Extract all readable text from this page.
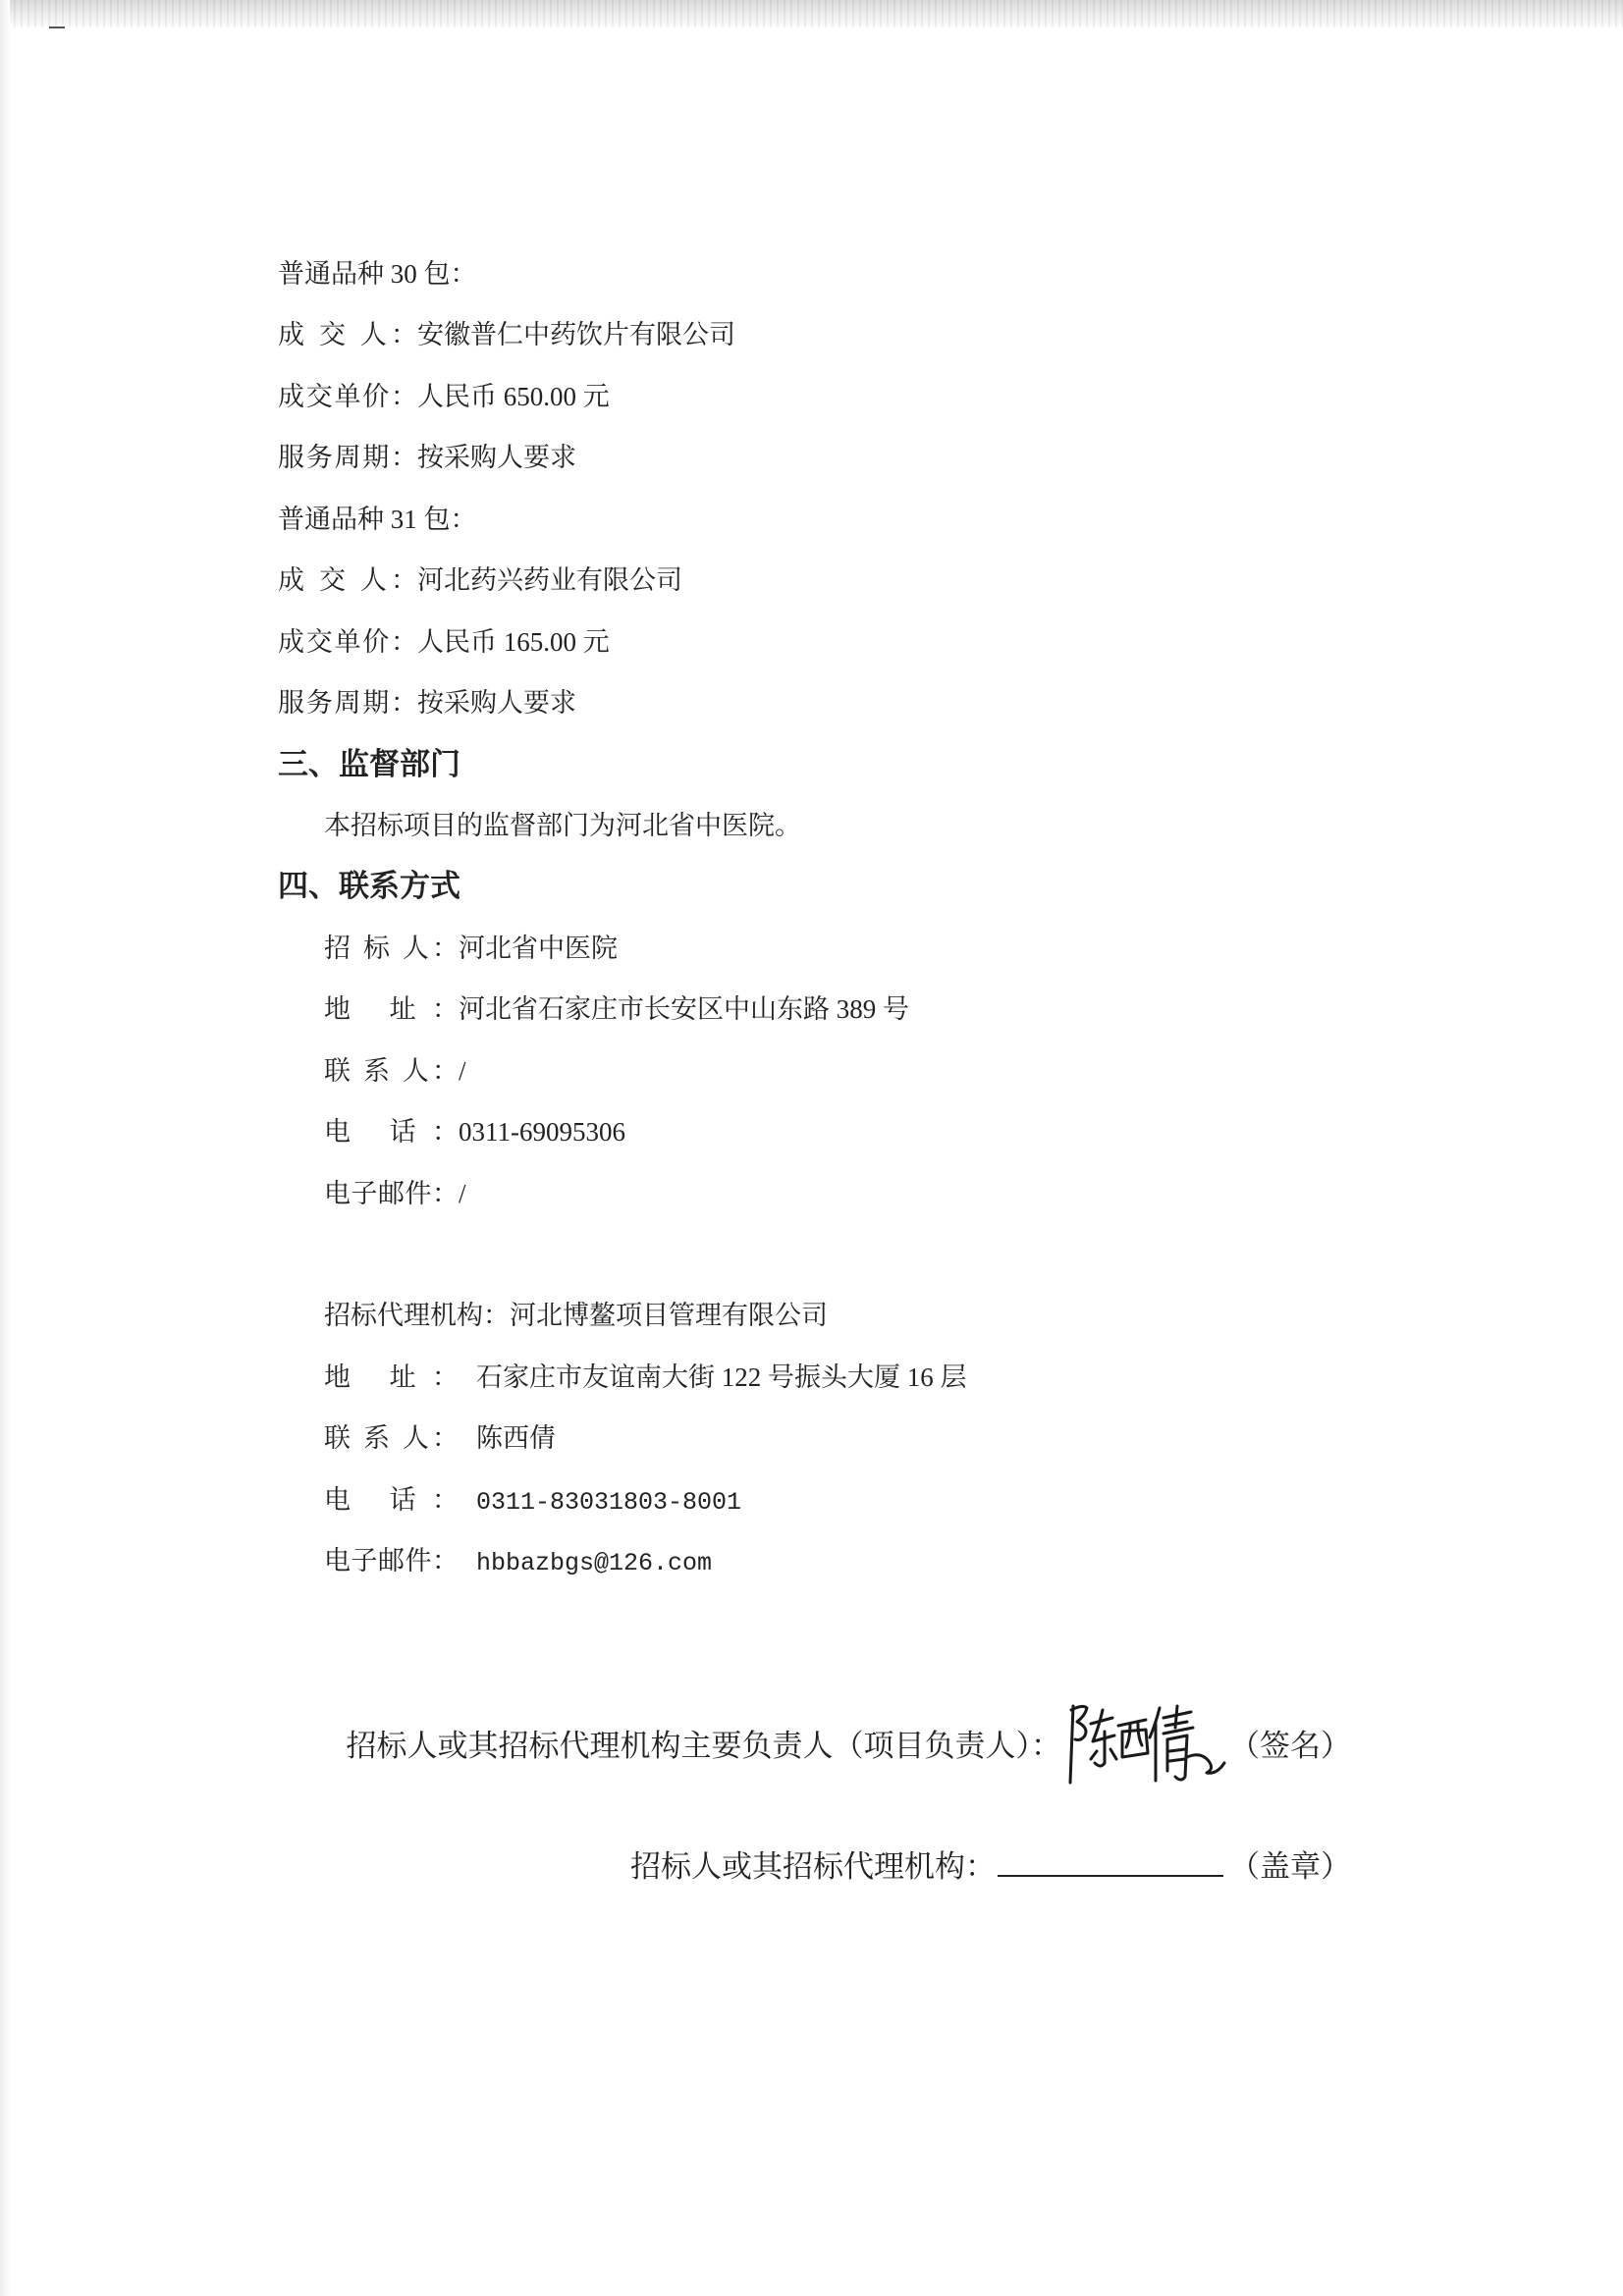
普通品种 30 包：
成 交 人：安徽普仁中药饮片有限公司
成交单价：人民币 650.00 元
服务周期：按采购人要求
普通品种 31 包：
成 交 人：河北药兴药业有限公司
成交单价：人民币 165.00 元
服务周期：按采购人要求
三、监督部门
本招标项目的监督部门为河北省中医院。
四、联系方式
招 标 人：河北省中医院
地 址：河北省石家庄市长安区中山东路 389 号
联 系 人：/
电 话：0311-69095306
电子邮件：/
招标代理机构：河北博鳌项目管理有限公司
地 址： 石家庄市友谊南大街 122 号振头大厦 16 层
联 系 人： 陈西倩
电 话： 0311-83031803-8001
电子邮件： hbbazbgs@126.com
招标人或其招标代理机构主要负责人（项目负责人）：	（签名）
招标人或其招标代理机构：	（盖章）
